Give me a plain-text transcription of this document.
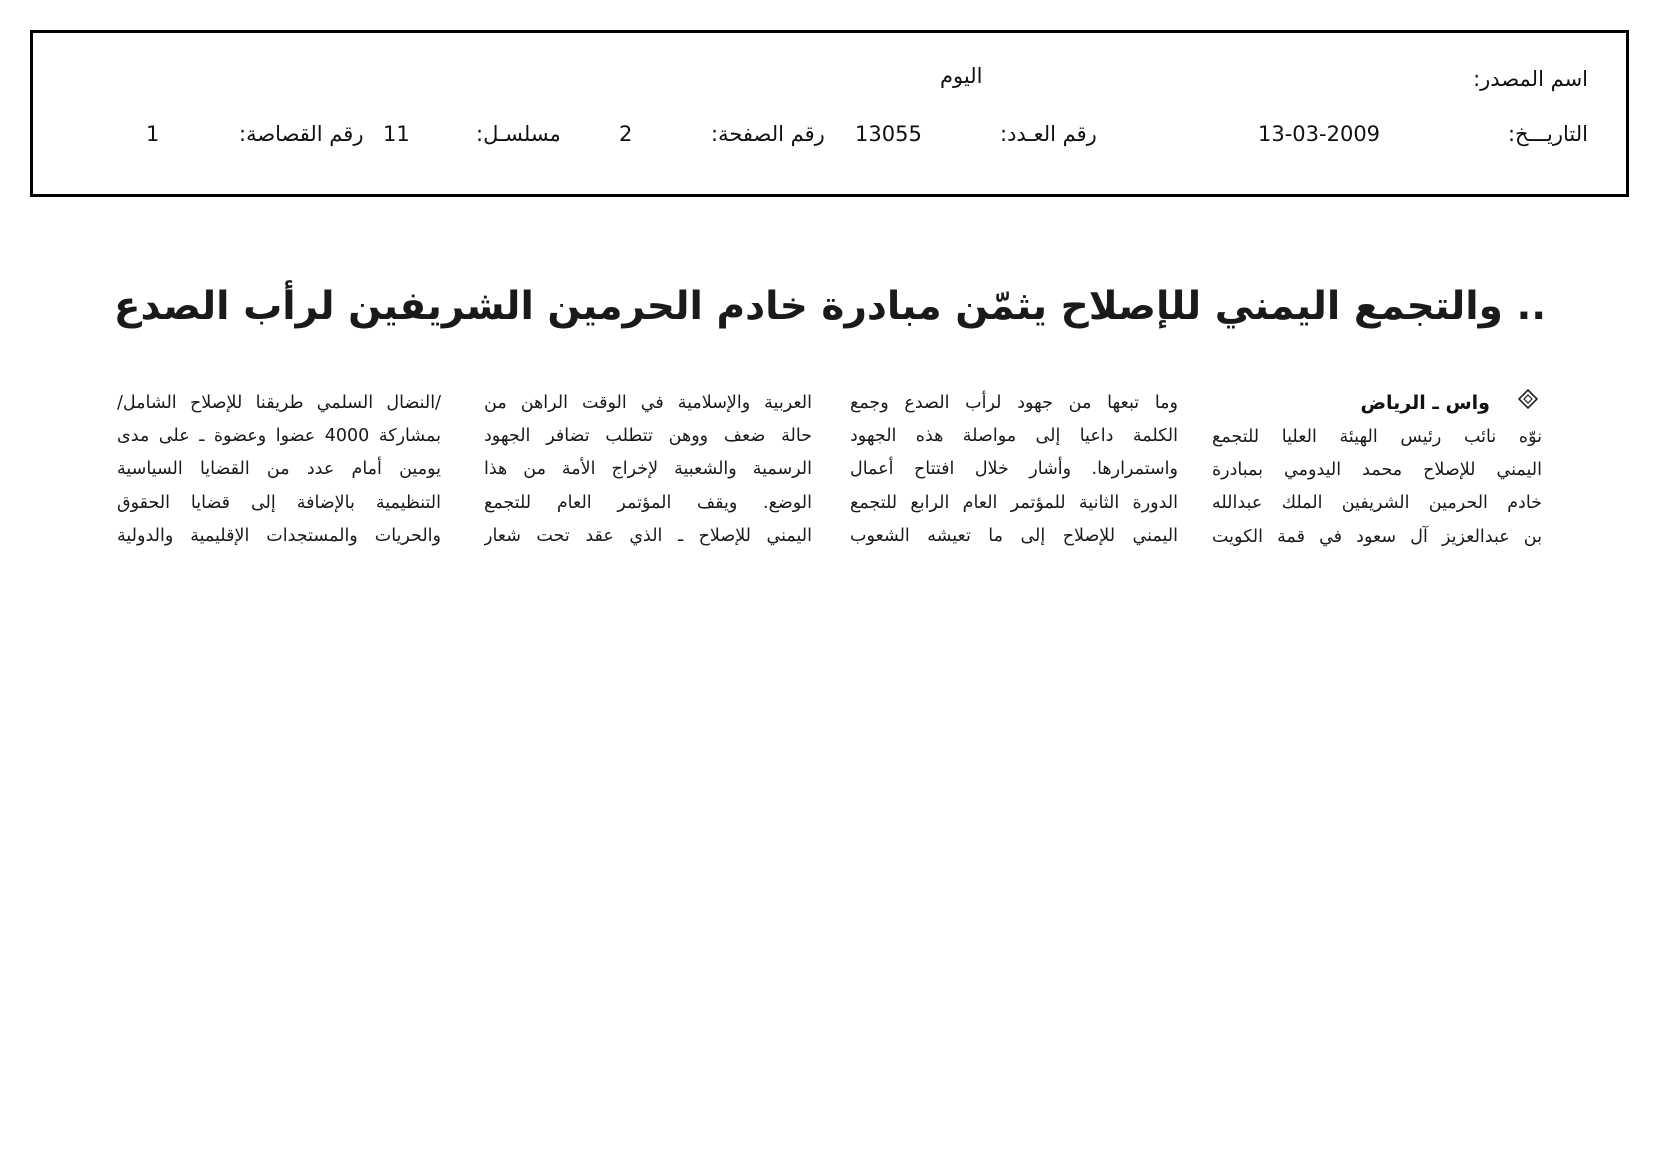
اسم المصدر:
اليوم
التاريـــخ:
13-03-2009
رقم العـدد:
13055
رقم الصفحة:
2
مسلسـل:
11
رقم القصاصة:
1
.. والتجمع اليمني للإصلاح يثمّن مبادرة خادم الحرمين الشريفين لرأب الصدع
واس ـ الرياض
نوّه نائب رئيس الهيئة العليا للتجمع
اليمني للإصلاح محمد اليدومي بمبادرة
خادم الحرمين الشريفين الملك عبدالله
بن عبدالعزيز آل سعود في قمة الكويت
وما تبعها من جهود لرأب الصدع وجمع
الكلمة داعيا إلى مواصلة هذه الجهود
واستمرارها. وأشار خلال افتتاح أعمال
الدورة الثانية للمؤتمر العام الرابع للتجمع
اليمني للإصلاح إلى ما تعيشه الشعوب
العربية والإسلامية في الوقت الراهن من
حالة ضعف ووهن تتطلب تضافر الجهود
الرسمية والشعبية لإخراج الأمة من هذا
الوضع. ويقف المؤتمر العام للتجمع
اليمني للإصلاح ـ الذي عقد تحت شعار
/النضال السلمي طريقنا للإصلاح الشامل/
بمشاركة 4000 عضوا وعضوة ـ على مدى
يومين أمام عدد من القضايا السياسية
التنظيمية بالإضافة إلى قضايا الحقوق
والحريات والمستجدات الإقليمية والدولية
